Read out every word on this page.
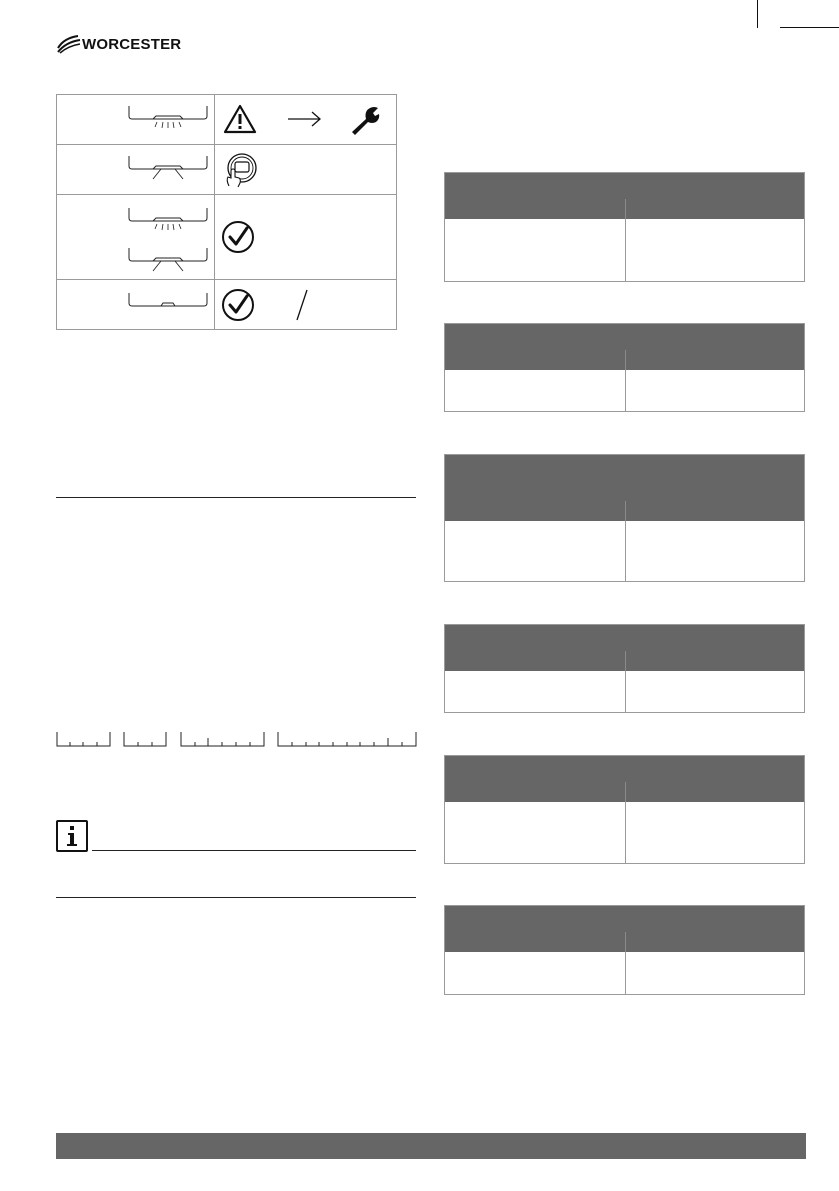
WORCESTER
